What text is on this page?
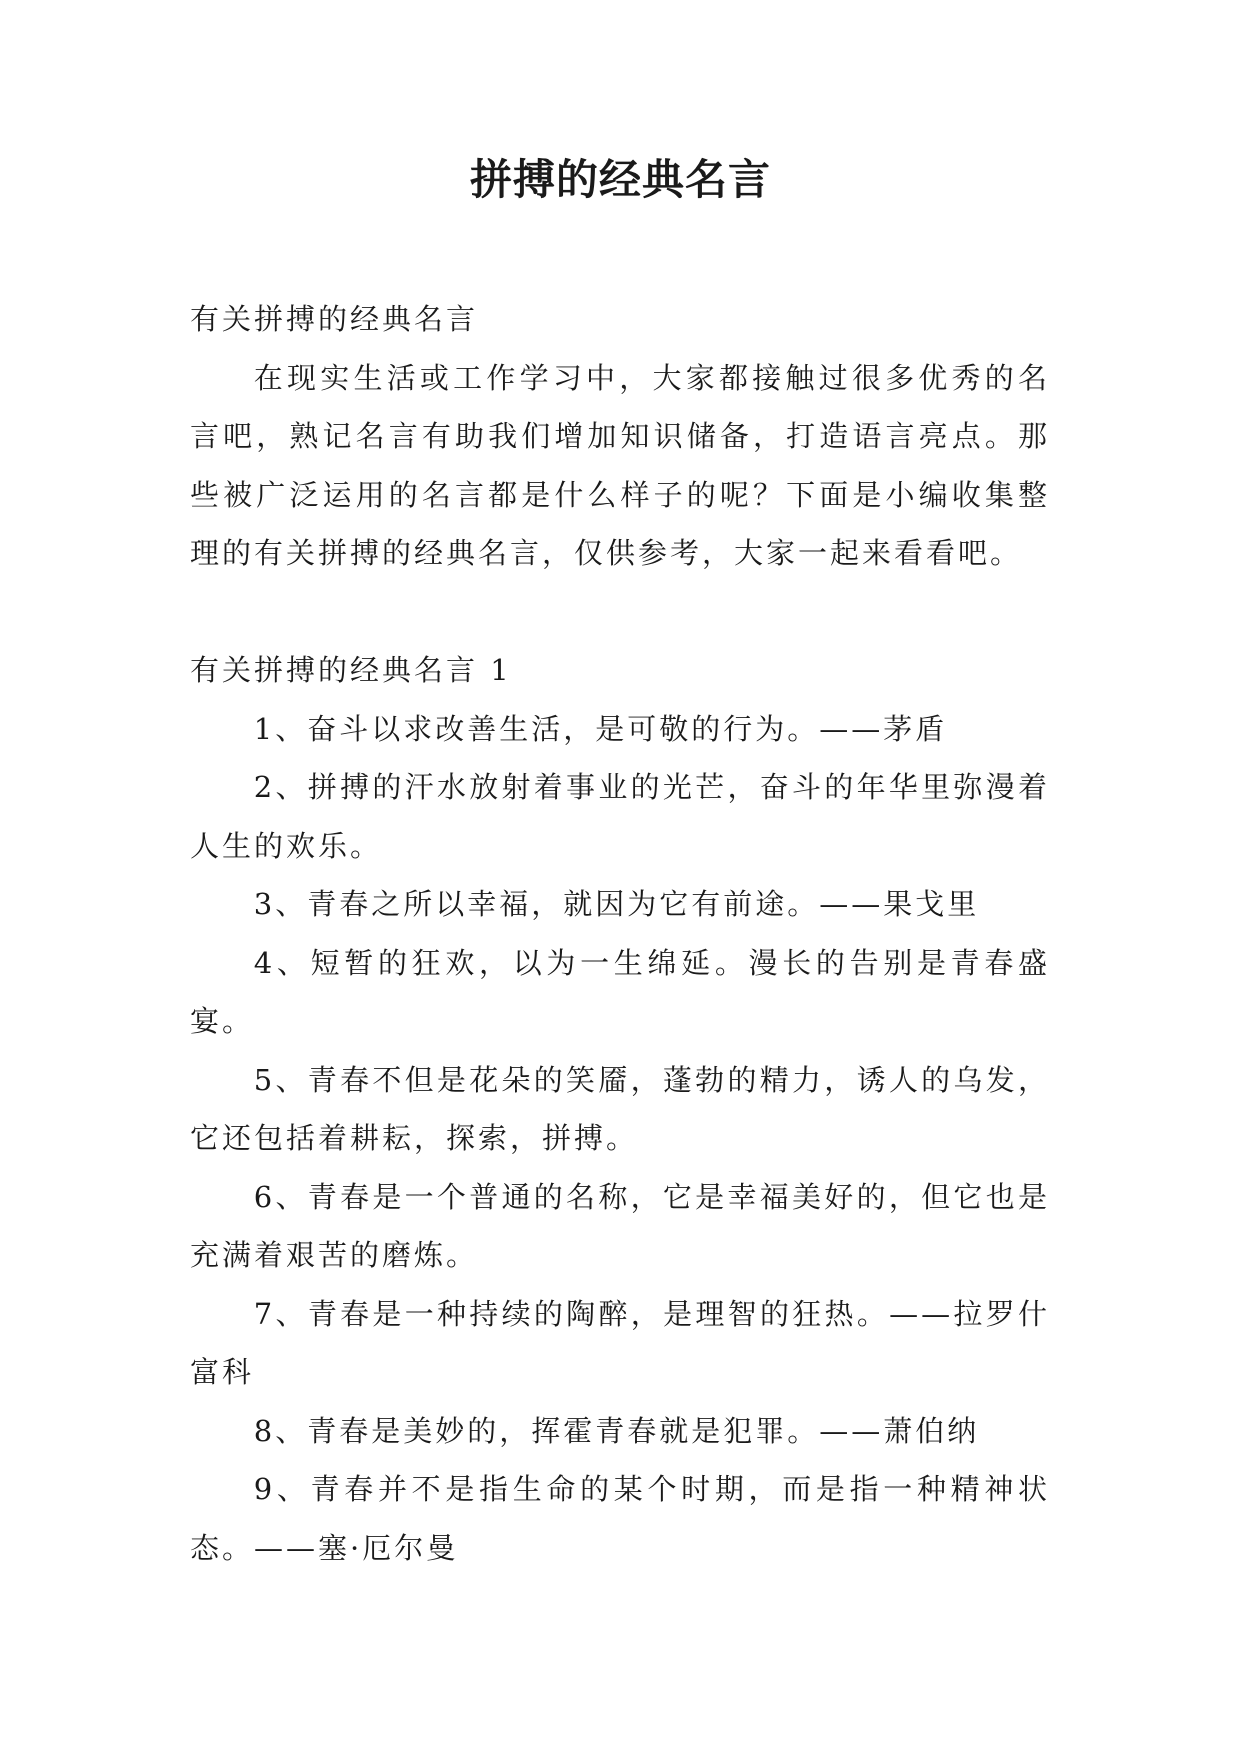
拼搏的经典名言

有关拼搏的经典名言

在现实生活或工作学习中，大家都接触过很多优秀的名言吧，熟记名言有助我们增加知识储备，打造语言亮点。那些被广泛运用的名言都是什么样子的呢？下面是小编收集整理的有关拼搏的经典名言，仅供参考，大家一起来看看吧。

有关拼搏的经典名言 1

1、奋斗以求改善生活，是可敬的行为。——茅盾

2、拼搏的汗水放射着事业的光芒，奋斗的年华里弥漫着人生的欢乐。

3、青春之所以幸福，就因为它有前途。——果戈里

4、短暂的狂欢，以为一生绵延。漫长的告别是青春盛宴。

5、青春不但是花朵的笑靥，蓬勃的精力，诱人的乌发，它还包括着耕耘，探索，拼搏。

6、青春是一个普通的名称，它是幸福美好的，但它也是充满着艰苦的磨炼。

7、青春是一种持续的陶醉，是理智的狂热。——拉罗什富科

8、青春是美妙的，挥霍青春就是犯罪。——萧伯纳

9、青春并不是指生命的某个时期，而是指一种精神状态。——塞·厄尔曼
